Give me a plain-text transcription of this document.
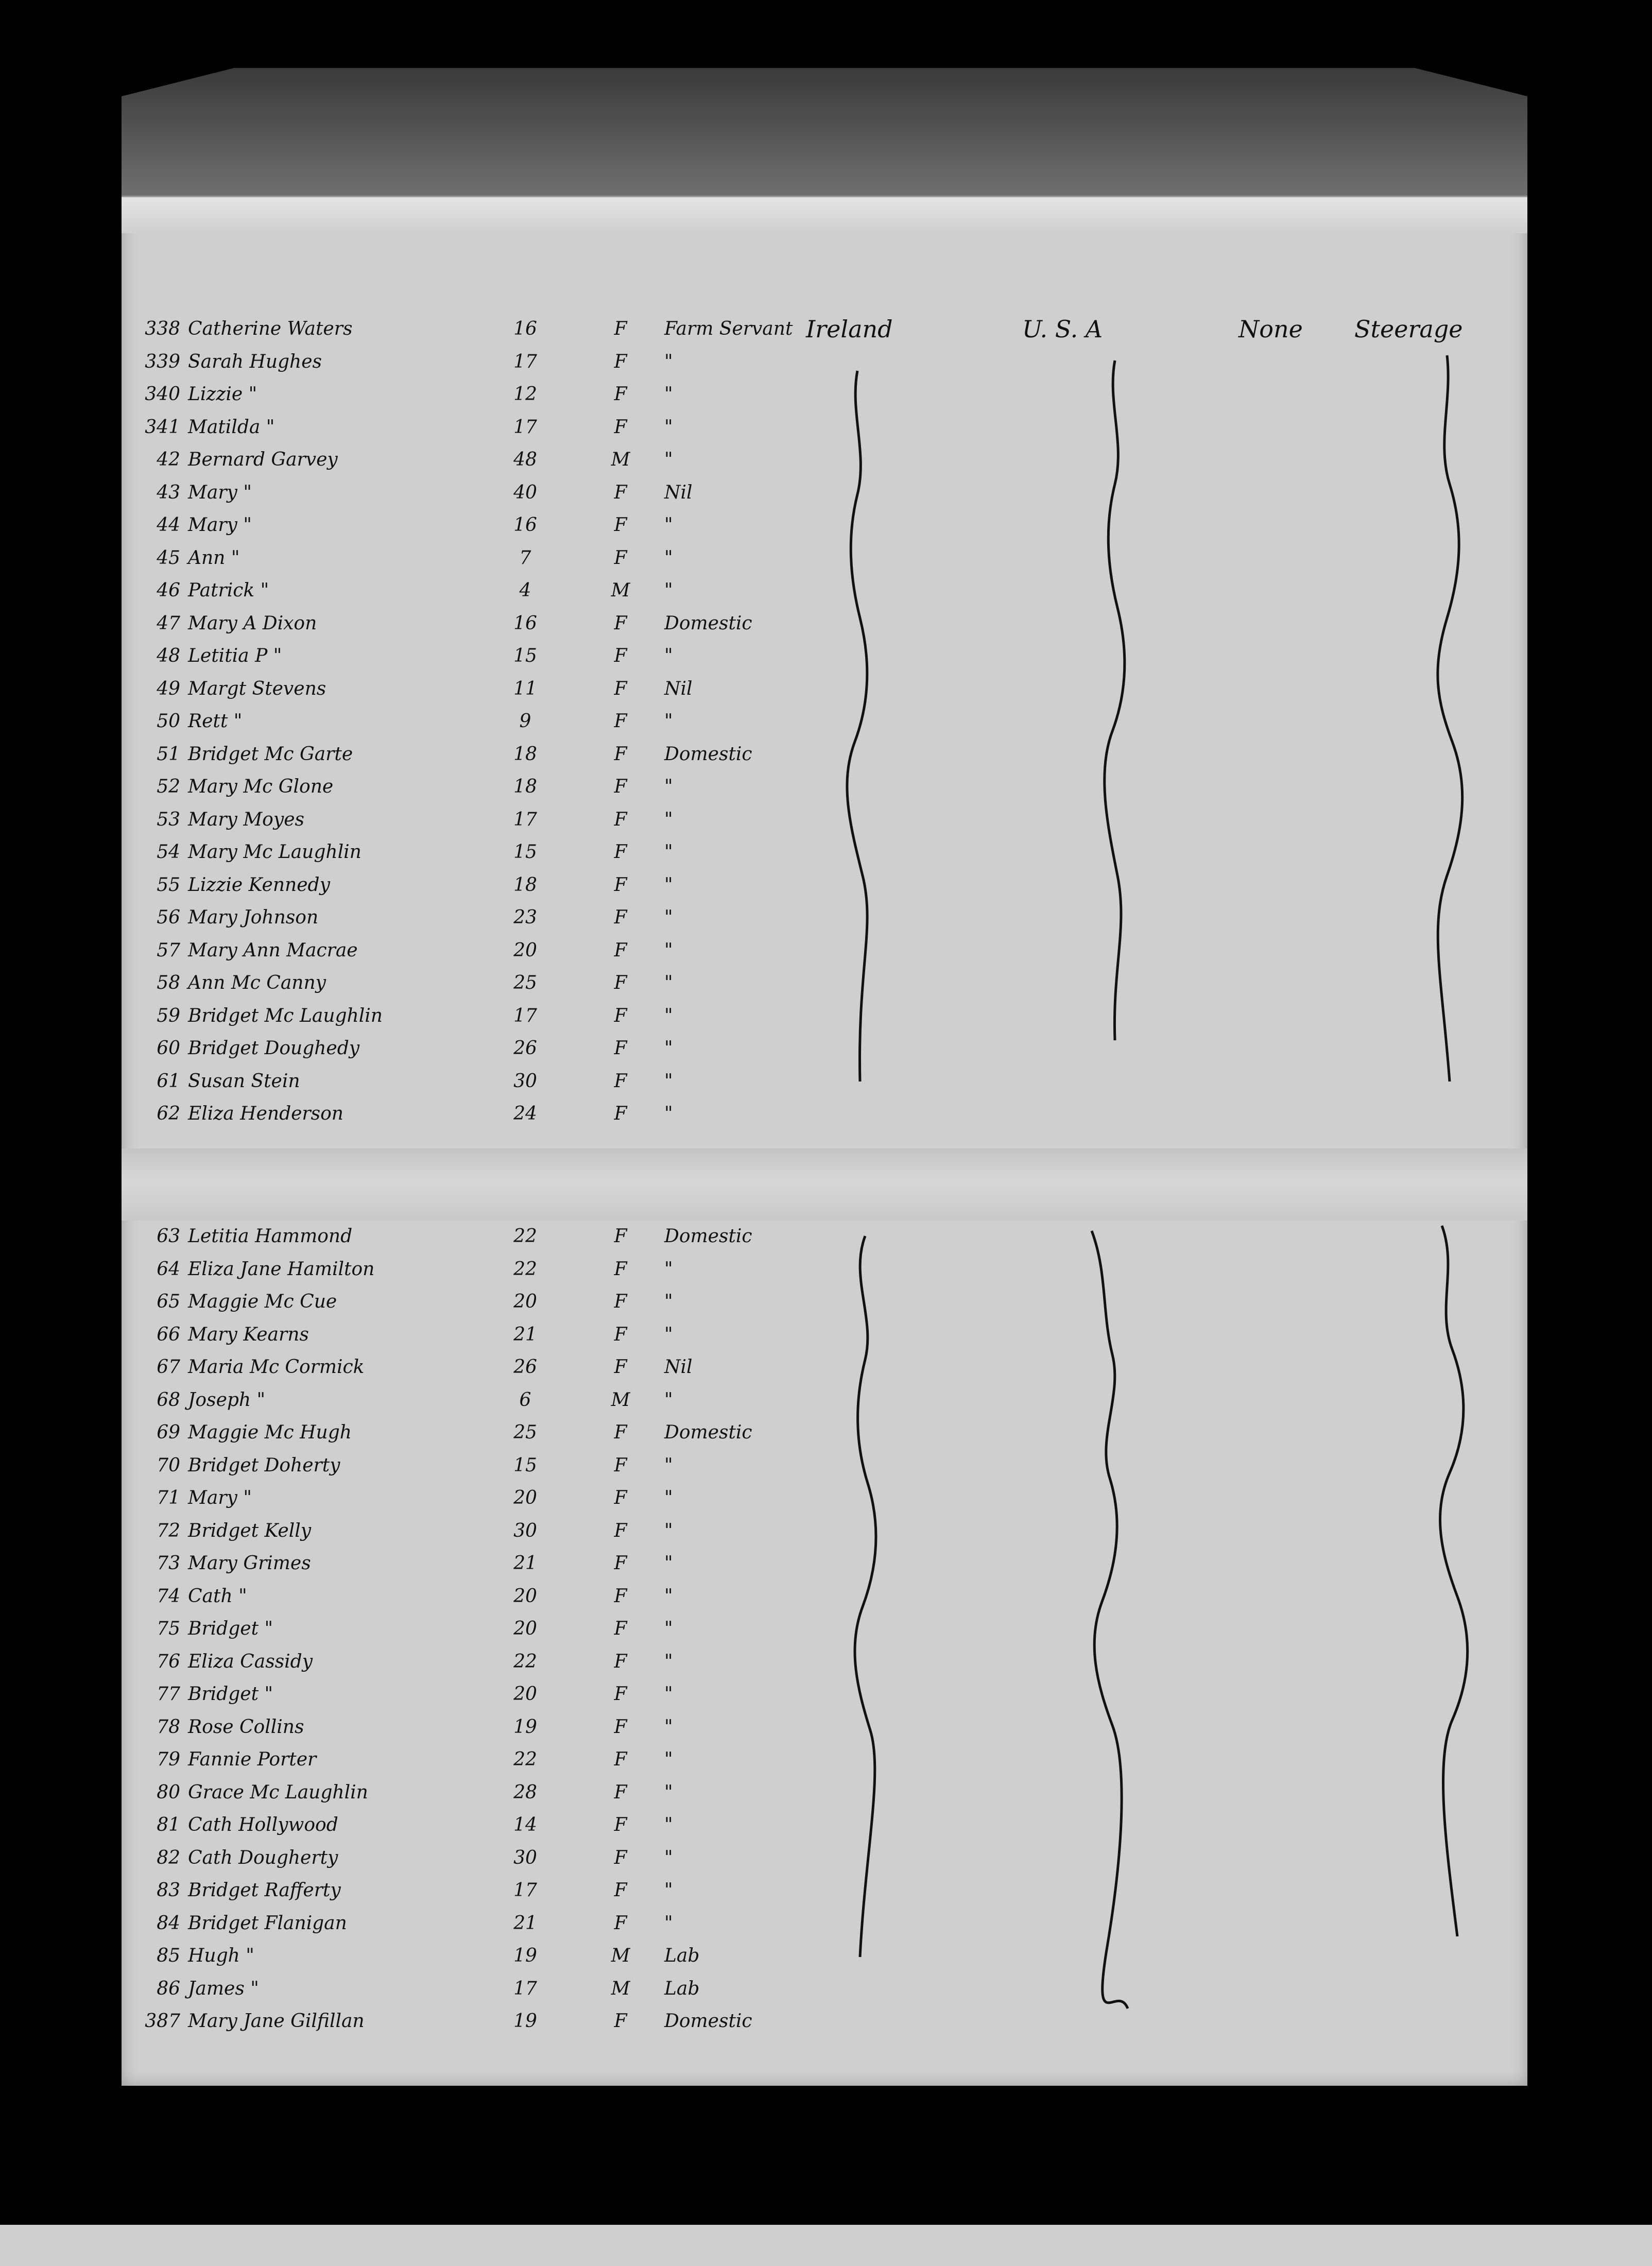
Ireland	U. S. A	None Steerage
338 Catherine Waters	16	F	Farm Servant
339 Sarah Hughes	17	F	"
340 Lizzie "	12	F	"
341 Matilda "	17	F	"
42 Bernard Garvey	48	M	"
43 Mary "	40	F	Nil
44 Mary "	16	F	"
45 Ann "	7	F	"
46 Patrick "	4	M	"
47 Mary A Dixon	16	F	Domestic
48 Letitia P "	15	F	"
49 Margt Stevens	11	F	Nil
50 Rett "	9	F	"
51 Bridget Mc Garte	18	F	Domestic
52 Mary Mc Glone	18	F	"
53 Mary Moyes	17	F	"
54 Mary Mc Laughlin	15	F	"
55 Lizzie Kennedy	18	F	"
56 Mary Johnson	23	F	"
57 Mary Ann Macrae	20	F	"
58 Ann Mc Canny	25	F	"
59 Bridget Mc Laughlin	17	F	"
60 Bridget Doughedy	26	F	"
61 Susan Stein	30	F	"
62 Eliza Henderson	24	F	"
63 Letitia Hammond	22	F	Domestic
64 Eliza Jane Hamilton	22	F	"
65 Maggie Mc Cue	20	F	"
66 Mary Kearns	21	F	"
67 Maria Mc Cormick	26	F	Nil
68 Joseph "	6	M	"
69 Maggie Mc Hugh	25	F	Domestic
70 Bridget Doherty	15	F	"
71 Mary "	20	F	"
72 Bridget Kelly	30	F	"
73 Mary Grimes	21	F	"
74 Cath "	20	F	"
75 Bridget "	20	F	"
76 Eliza Cassidy	22	F	"
77 Bridget "	20	F	"
78 Rose Collins	19	F	"
79 Fannie Porter	22	F	"
80 Grace Mc Laughlin	28	F	"
81 Cath Hollywood	14	F	"
82 Cath Dougherty	30	F	"
83 Bridget Rafferty	17	F	"
84 Bridget Flanigan	21	F	"
85 Hugh "	19	M	Lab
86 James "	17	M	Lab
387 Mary Jane Gilfillan	19	F	Domestic
